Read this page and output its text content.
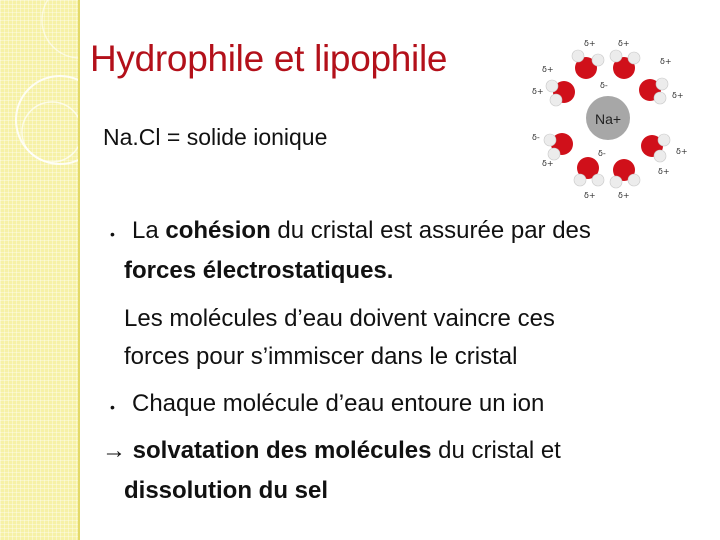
Hydrophile et lipophile
Na.Cl = solide ionique
Na+
δ+	δ+
δ+
δ+
δ+	δ+
δ-
δ+
δ+
δ+
δ+	δ+
δ-
δ-
• La cohésion du cristal est assurée par des
forces électrostatiques.
Les molécules d’eau doivent vaincre ces
forces pour s’immiscer dans le cristal
• Chaque molécule d’eau entoure un ion
→ solvatation des molécules du cristal et
dissolution du sel
